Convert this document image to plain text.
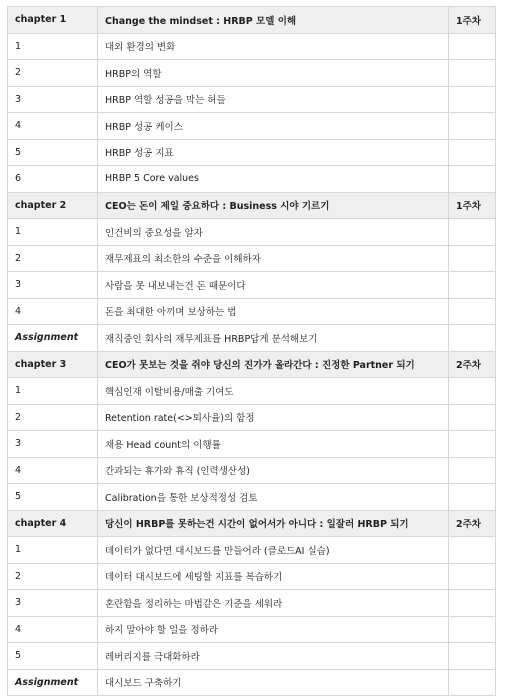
chapter 1	Change the mindset : HRBP 모델 이해	1주차
1	대외 환경의 변화	
2	HRBP의 역할	
3	HRBP 역할 성공을 막는 허들	
4	HRBP 성공 케이스	
5	HRBP 성공 지표	
6	HRBP 5 Core values	
chapter 2	CEO는 돈이 제일 중요하다 : Business 시야 기르기	1주차
1	인건비의 중요성을 알자	
2	재무제표의 최소한의 수준을 이해하자	
3	사람을 못 내보내는건 돈 때문이다	
4	돈을 최대한 아끼며 보상하는 법	
Assignment	재직중인 회사의 재무제표를 HRBP답게 분석해보기	
chapter 3	CEO가 못보는 것을 쥐야 당신의 진가가 올라간다 : 진정한 Partner 되기	2주차
1	핵심인재 이탈비용/매출 기여도	
2	Retention rate(<>퇴사율)의 함정	
3	채용 Head count의 이행률	
4	간과되는 휴가와 휴직 (인력생산성)	
5	Calibration을 통한 보상적정성 검토	
chapter 4	당신이 HRBP를 못하는건 시간이 없어서가 아니다 : 일잘러 HRBP 되기	2주차
1	데이터가 없다면 대시보드를 만들어라 (클로드AI 실습)	
2	데이터 대시보드에 세팅할 지표를 복습하기	
3	혼란함을 정리하는 마법같은 기준을 세워라	
4	하지 말아야 할 일을 정하라	
5	레버리지를 극대화하라	
Assignment	대시보드 구축하기	
